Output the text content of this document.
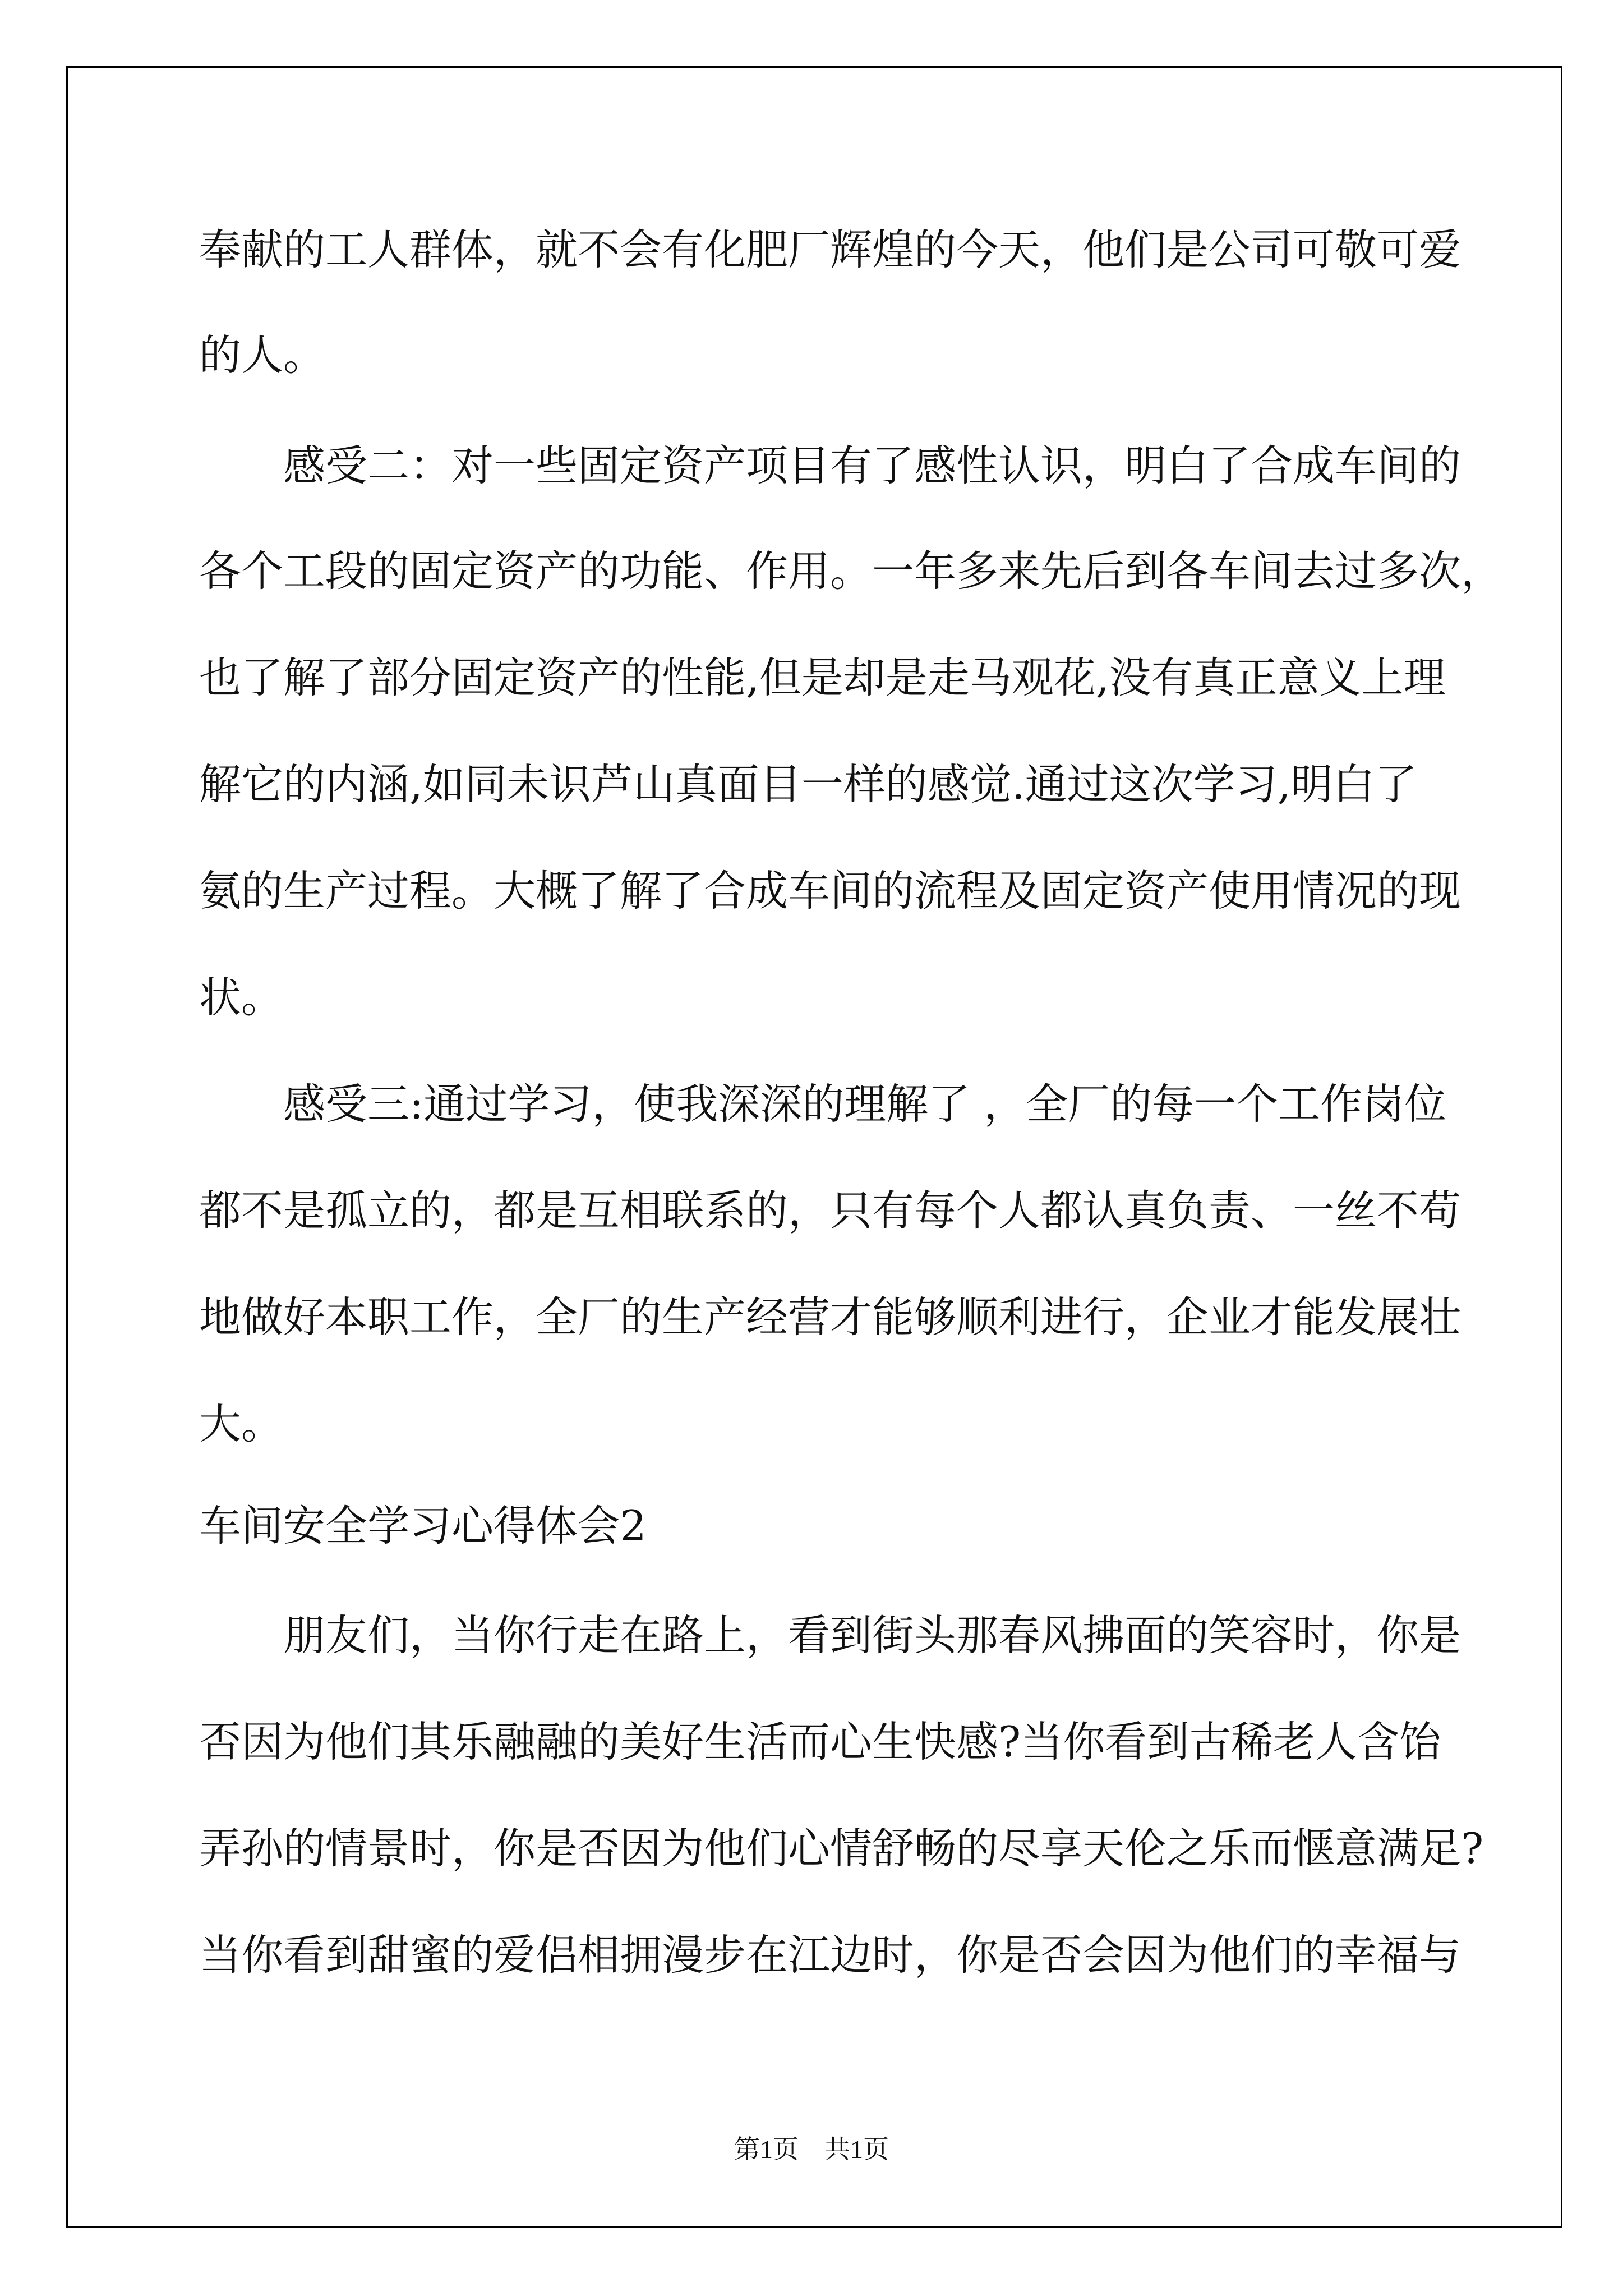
奉献的工人群体，就不会有化肥厂辉煌的今天，他们是公司可敬可爱
的人。
　　感受二：对一些固定资产项目有了感性认识，明白了合成车间的
各个工段的固定资产的功能、作用。一年多来先后到各车间去过多次，
也了解了部分固定资产的性能,但是却是走马观花,没有真正意义上理
解它的内涵,如同未识芦山真面目一样的感觉.通过这次学习,明白了
氨的生产过程。大概了解了合成车间的流程及固定资产使用情况的现
状。
　　感受三:通过学习，使我深深的理解了 ，全厂的每一个工作岗位
都不是孤立的，都是互相联系的，只有每个人都认真负责、一丝不苟
地做好本职工作，全厂的生产经营才能够顺利进行，企业才能发展壮
大。
车间安全学习心得体会2
　　朋友们，当你行走在路上，看到街头那春风拂面的笑容时，你是
否因为他们其乐融融的美好生活而心生快感?当你看到古稀老人含饴
弄孙的情景时，你是否因为他们心情舒畅的尽享天伦之乐而惬意满足?
当你看到甜蜜的爱侣相拥漫步在江边时，你是否会因为他们的幸福与
第1页　共1页
